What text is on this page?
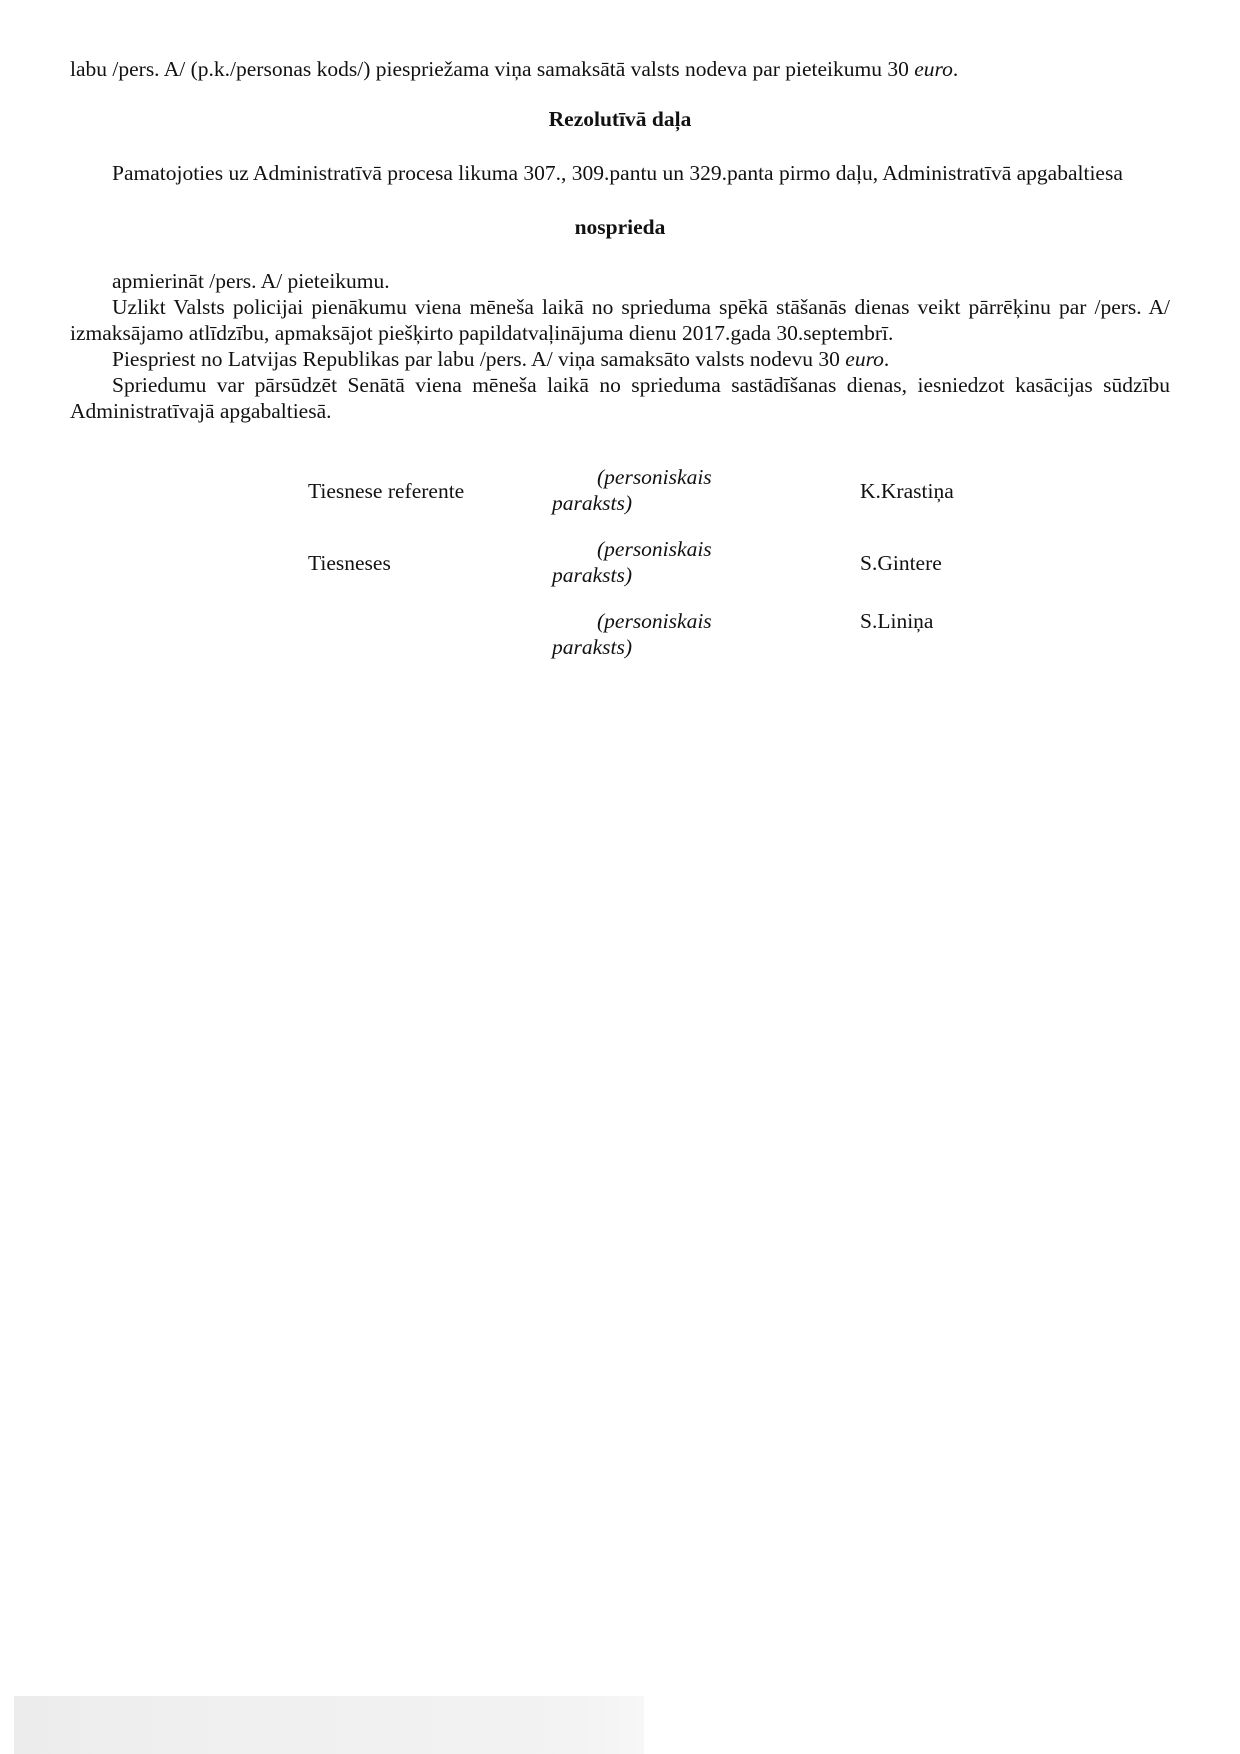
labu /pers. A/ (p.k./personas kods/) piespriežama viņa samaksātā valsts nodeva par pieteikumu 30 euro.

Rezolutīvā daļa

Pamatojoties uz Administratīvā procesa likuma 307., 309.pantu un 329.panta pirmo daļu, Administratīvā apgabaltiesa

nosprieda

apmierināt /pers. A/ pieteikumu.

Uzlikt Valsts policijai pienākumu viena mēneša laikā no sprieduma spēkā stāšanās dienas veikt pārrēķinu par /pers. A/ izmaksājamo atlīdzību, apmaksājot piešķirto papildatvaļinājuma dienu 2017.gada 30.septembrī.

Piespriest no Latvijas Republikas par labu /pers. A/ viņa samaksāto valsts nodevu 30 euro.

Spriedumu var pārsūdzēt Senātā viena mēneša laikā no sprieduma sastādīšanas dienas, iesniedzot kasācijas sūdzību Administratīvajā apgabaltiesā.

Tiesnese referente
(personiskais
paraksts)	K.Krastiņa
Tiesneses
(personiskais
paraksts)	S.Gintere
(personiskais
paraksts)
S.Liniņa
